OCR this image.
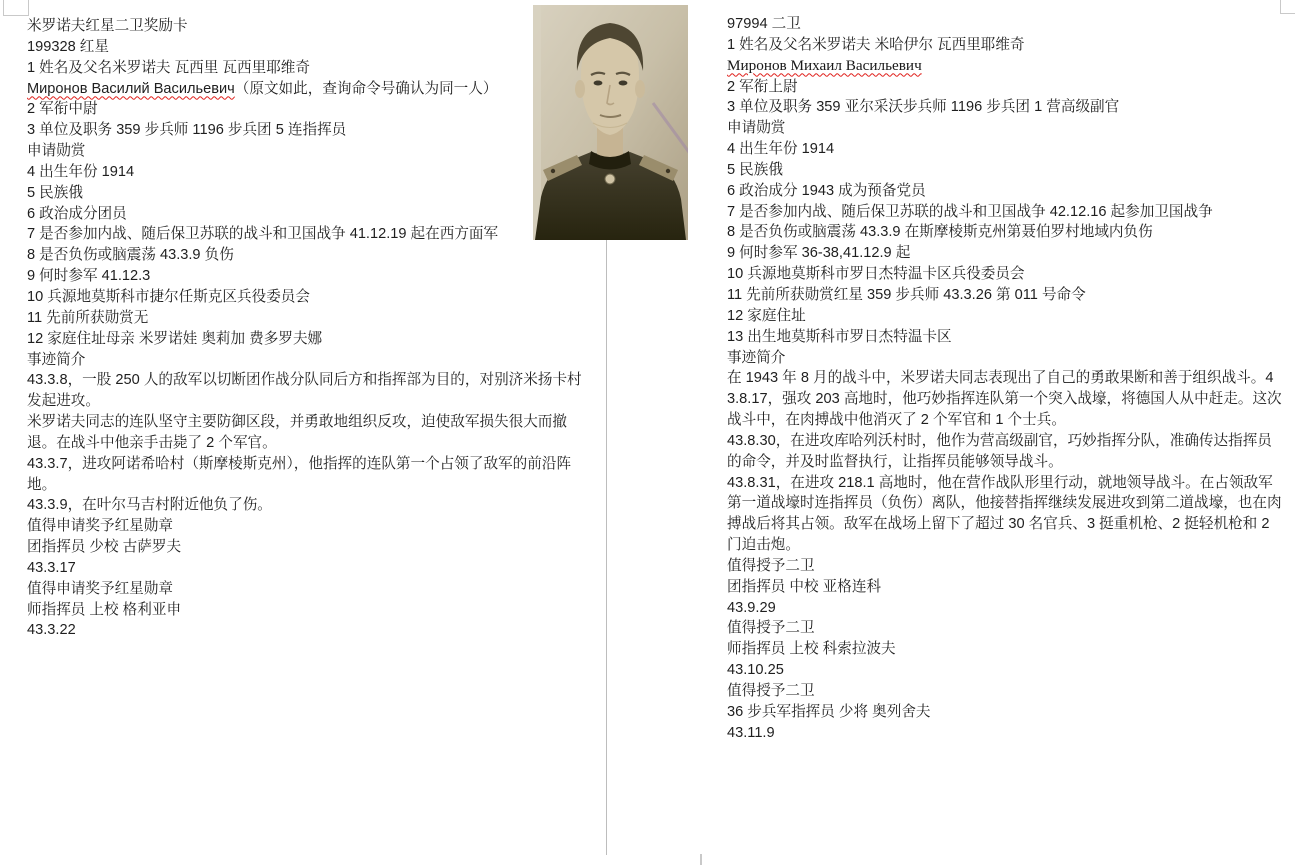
米罗诺夫红星二卫奖励卡
199328 红星
1 姓名及父名米罗诺夫 瓦西里 瓦西里耶维奇
Миронов Василий Васильевич（原文如此，查询命令号确认为同一人）
2 军衔中尉
3 单位及职务 359 步兵师 1196 步兵团 5 连指挥员
申请勋赏
4 出生年份 1914
5 民族俄
6 政治成分团员
7 是否参加内战、随后保卫苏联的战斗和卫国战争 41.12.19 起在西方面军
8 是否负伤或脑震荡 43.3.9 负伤
9 何时参军 41.12.3
10 兵源地莫斯科市捷尔任斯克区兵役委员会
11 先前所获勋赏无
12 家庭住址母亲 米罗诺娃 奥莉加 费多罗夫娜
事迹简介
43.3.8，一股 250 人的敌军以切断团作战分队同后方和指挥部为目的，对别济米扬卡村发起进攻。
米罗诺夫同志的连队坚守主要防御区段，并勇敢地组织反攻，迫使敌军损失很大而撤退。在战斗中他亲手击毙了 2 个军官。
43.3.7，进攻阿诺希哈村（斯摩棱斯克州），他指挥的连队第一个占领了敌军的前沿阵地。
43.3.9，在叶尔马吉村附近他负了伤。
值得申请奖予红星勋章
团指挥员 少校 古萨罗夫
43.3.17
值得申请奖予红星勋章
师指挥员 上校 格利亚申
43.3.22
97994 二卫
1 姓名及父名米罗诺夫 米哈伊尔 瓦西里耶维奇
Миронов Михаил Васильевич
2 军衔上尉
3 单位及职务 359 亚尔采沃步兵师 1196 步兵团 1 营高级副官
申请勋赏
4 出生年份 1914
5 民族俄
6 政治成分 1943 成为预备党员
7 是否参加内战、随后保卫苏联的战斗和卫国战争 42.12.16 起参加卫国战争
8 是否负伤或脑震荡 43.3.9 在斯摩棱斯克州第聂伯罗村地域内负伤
9 何时参军 36-38,41.12.9 起
10 兵源地莫斯科市罗日杰特温卡区兵役委员会
11 先前所获勋赏红星 359 步兵师 43.3.26 第 011 号命令
12 家庭住址
13 出生地莫斯科市罗日杰特温卡区
事迹简介
在 1943 年 8 月的战斗中，米罗诺夫同志表现出了自己的勇敢果断和善于组织战斗。43.8.17，强攻 203 高地时，他巧妙指挥连队第一个突入战壕，将德国人从中赶走。这次战斗中，在肉搏战中他消灭了 2 个军官和 1 个士兵。
43.8.30，在进攻库哈列沃村时，他作为营高级副官，巧妙指挥分队，准确传达指挥员的命令，并及时监督执行，让指挥员能够领导战斗。
43.8.31，在进攻 218.1 高地时，他在营作战队形里行动，就地领导战斗。在占领敌军第一道战壕时连指挥员（负伤）离队，他接替指挥继续发展进攻到第二道战壕，也在肉搏战后将其占领。敌军在战场上留下了超过 30 名官兵、3 挺重机枪、2 挺轻机枪和 2 门迫击炮。
值得授予二卫
团指挥员 中校 亚格连科
43.9.29
值得授予二卫
师指挥员 上校 科索拉波夫
43.10.25
值得授予二卫
36 步兵军指挥员 少将 奥列舍夫
43.11.9
